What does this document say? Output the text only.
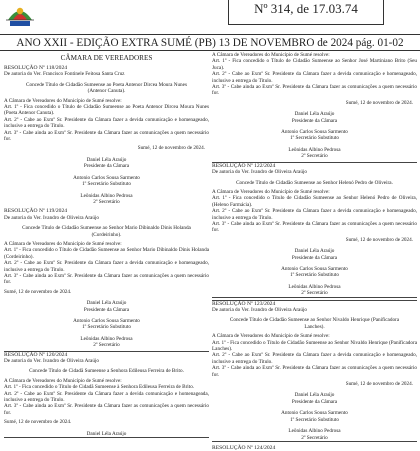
Nº 314, de 17.03.74
ANO XXII - EDIÇÃO EXTRA SUMÉ (PB) 13 DE NOVEMBRO de 2024 pág. 01-02
CÂMARA DE VEREADORES
RESOLUÇÃO Nº 118/2024
De autoria do Ver. Francisco Fontinele Feitosa Santa Cruz
Concede Título de Cidadão Sumeense ao Poeta Antenor Dircea Moura Nunes (Antenor Canuta).
A Câmara de Vereadores do Município de Sumé resolve:
Art. 1º - Fica concedido o Título de Cidadão Sumeense ao Poeta Antenor Dircea Moura Nunes (Poeta Antenor Canuta).
Art. 2º - Cabe ao Exmº Sr. Presidente da Câmara fazer a devida comunicação e homenageado, inclusive a entrega do Título.
Art. 3º - Cabe ainda ao Exmº Sr. Presidente da Câmara fazer as comunicações a quem necessário for.
Sumé, 12 de novembro de 2024.
Daniel Léla Araújo
Presidente da Câmara
Antonio Carlos Sousa Sarmento
1º Secretário Substituto
Leônidas Albino Pedrosa
2º Secretário
RESOLUÇÃO Nº 119/2024
De autoria do Ver. Ivandro de Oliveira Araújo
Concede Título de Cidadão Sumeense ao Senhor Mario Dibinaldo Dinis Holanda (Cordeirinho).
A Câmara de Vereadores do Município de Sumé resolve:
Art. 1º - Fica concedido o Título de Cidadão Sumeense ao Senhor Mario Dibinaldo Dinis Holanda (Cordeirinho).
Art. 2º - Cabe ao Exmº Sr. Presidente da Câmara fazer a devida comunicação e homenageado, inclusive a entrega do Título.
Art. 3º - Cabe ainda ao Exmº Sr. Presidente da Câmara fazer as comunicações a quem necessário for.
Sumé, 12 de novembro de 2024.
Daniel Léla Araújo
Presidente da Câmara
Antonio Carlos Sousa Sarmento
1º Secretário Substituto
Leônidas Albino Pedrosa
2º Secretário
RESOLUÇÃO Nº 120/2024
De autoria do Ver. Ivandro de Oliveira Araújo
Concede Título de Cidadã Sumeense a Senhora Edileusa Ferreira de Brito.
A Câmara de Vereadores do Município de Sumé resolve:
Art. 1º - Fica concedido o Título de Cidadã Sumeense à Senhora Edileusa Ferreira de Brito.
Art. 2º - Cabe ao Exmº Sr. Presidente da Câmara fazer a devida comunicação e homenageada, inclusive a entrega do Título.
Art. 3º - Cabe ainda ao Exmº Sr. Presidente da Câmara fazer as comunicações a quem necessário for.
Sumé, 12 de novembro de 2024.
Daniel Léla Araújo
A Câmara de Vereadores do Município de Sumé resolve:
Art. 1º - Fica concedido o Título de Cidadão Sumeense ao Senhor José Martiniano Brito (Seu Juca).
Art. 2º - Cabe ao Exmº Sr. Presidente da Câmara fazer a devida comunicação e homenageado, inclusive a entrega do Título.
Art. 3º - Cabe ainda ao Exmº Sr. Presidente da Câmara fazer as comunicações a quem necessário for.
Sumé, 12 de novembro de 2024.
Daniel Léla Araújo
Presidente da Câmara
Antonio Carlos Sousa Sarmento
1º Secretário Substituto
Leônidas Albino Pedrosa
2º Secretário
RESOLUÇÃO Nº 122/2024
De autoria do Ver. Ivandro de Oliveira Araújo
Concede Título de Cidadão Sumeense ao Senhor Helenó Pedro de Oliveira.
A Câmara de Vereadores do Município de Sumé resolve:
Art. 1º - Fica concedido o Título de Cidadão Sumeense ao Senhor Helenó Pedro de Oliveira, (Heleno Farmácia).
Art. 2º - Cabe ao Exmº Sr. Presidente da Câmara fazer a devida comunicação e homenageado, inclusive a entrega do Título.
Art. 3º - Cabe ainda ao Exmº Sr. Presidente da Câmara fazer as comunicações a quem necessário for.
Sumé, 12 de novembro de 2024.
Daniel Léla Araújo
Presidente da Câmara
Antonio Carlos Sousa Sarmento
1º Secretário Substituto
Leônidas Albino Pedrosa
2º Secretário
RESOLUÇÃO Nº 123/2024
De autoria do Ver. Ivandro de Oliveira Araújo
Concede Título de Cidadão Sumeense ao Senhor Nivaldo Henrique (Panificadora Lanches).
A Câmara de Vereadores do Município de Sumé resolve:
Art. 1º - Fica concedido o Título de Cidadão Sumeense ao Senhor Nivaldo Henrique (Panificadora Lanches).
Art. 2º - Cabe ao Exmº Sr. Presidente da Câmara fazer a devida comunicação e homenageado, inclusive a entrega do Título.
Art. 3º - Cabe ainda ao Exmº Sr. Presidente da Câmara fazer as comunicações a quem necessário for.
Sumé, 12 de novembro de 2024.
Daniel Léla Araújo
Presidente da Câmara
Antonio Carlos Sousa Sarmento
1º Secretário Substituto
Leônidas Albino Pedrosa
2º Secretário
RESOLUÇÃO Nº 124/2024
